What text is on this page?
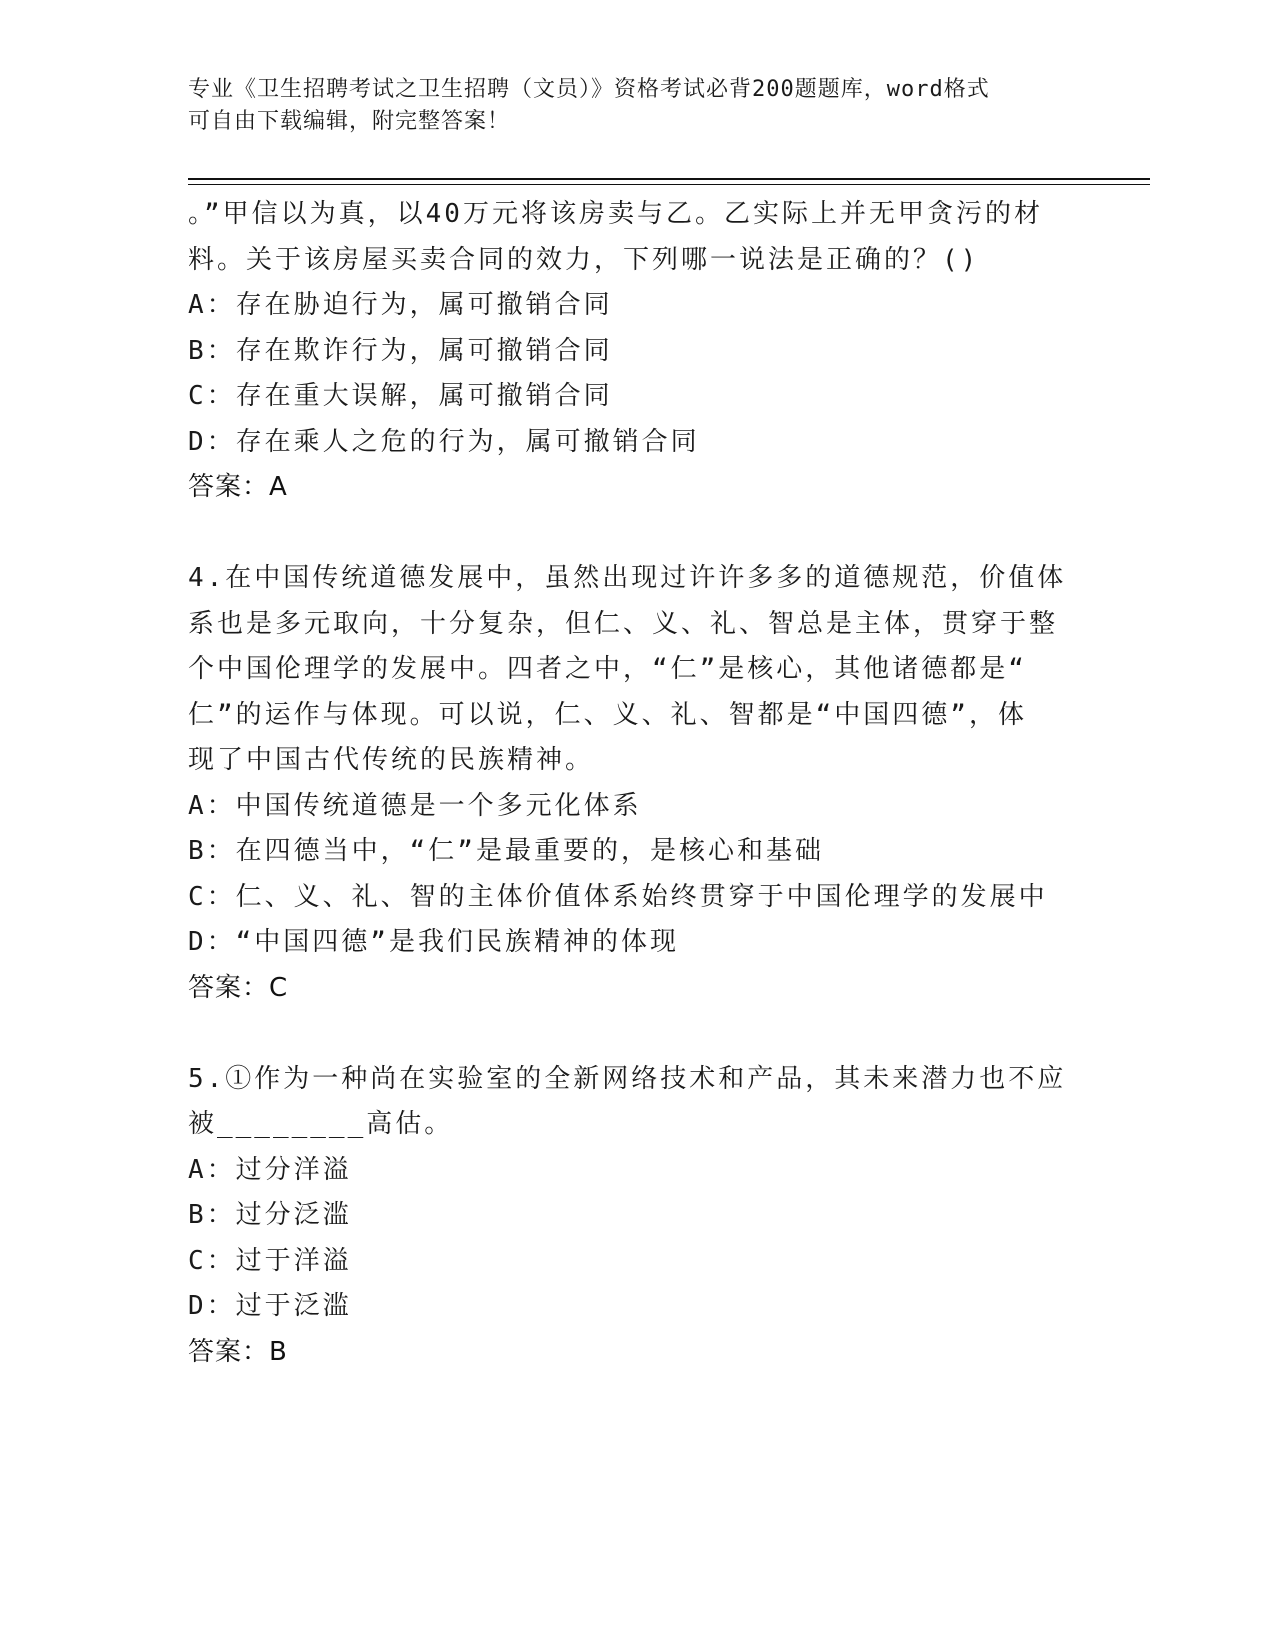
专业《卫生招聘考试之卫生招聘（文员）》资格考试必背200题题库，word格式
可自由下载编辑，附完整答案！
。”甲信以为真，以40万元将该房卖与乙。乙实际上并无甲贪污的材
料。关于该房屋买卖合同的效力，下列哪一说法是正确的？()
A：存在胁迫行为，属可撤销合同
B：存在欺诈行为，属可撤销合同
C：存在重大误解，属可撤销合同
D：存在乘人之危的行为，属可撤销合同
答案：A
4.在中国传统道德发展中，虽然出现过许许多多的道德规范，价值体
系也是多元取向，十分复杂，但仁、义、礼、智总是主体，贯穿于整
个中国伦理学的发展中。四者之中，“仁”是核心，其他诸德都是“
仁”的运作与体现。可以说，仁、义、礼、智都是“中国四德”，体
现了中国古代传统的民族精神。
A：中国传统道德是一个多元化体系
B：在四德当中，“仁”是最重要的，是核心和基础
C：仁、义、礼、智的主体价值体系始终贯穿于中国伦理学的发展中
D：“中国四德”是我们民族精神的体现
答案：C
5.①作为一种尚在实验室的全新网络技术和产品，其未来潜力也不应
被________高估。
A：过分洋溢
B：过分泛滥
C：过于洋溢
D：过于泛滥
答案：B
